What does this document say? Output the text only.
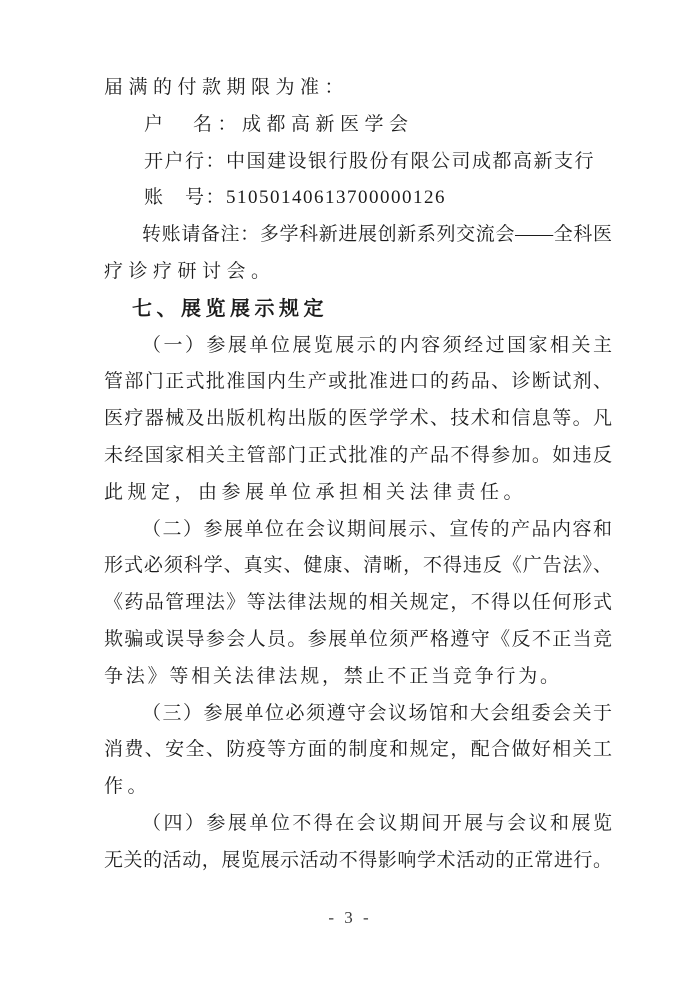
届满的付款期限为准：
户　名：成都高新医学会
开户行：中国建设银行股份有限公司成都高新支行
账　号：51050140613700000126
转账请备注：多学科新进展创新系列交流会——全科医
疗诊疗研讨会。
七、展览展示规定
（一）参展单位展览展示的内容须经过国家相关主
管部门正式批准国内生产或批准进口的药品、诊断试剂、
医疗器械及出版机构出版的医学学术、技术和信息等。凡
未经国家相关主管部门正式批准的产品不得参加。如违反
此规定，由参展单位承担相关法律责任。
（二）参展单位在会议期间展示、宣传的产品内容和
形式必须科学、真实、健康、清晰，不得违反《广告法》、
《药品管理法》等法律法规的相关规定，不得以任何形式
欺骗或误导参会人员。参展单位须严格遵守《反不正当竞
争法》等相关法律法规，禁止不正当竞争行为。
（三）参展单位必须遵守会议场馆和大会组委会关于
消费、安全、防疫等方面的制度和规定，配合做好相关工
作。
（四）参展单位不得在会议期间开展与会议和展览
无关的活动，展览展示活动不得影响学术活动的正常进行。
- 3 -
